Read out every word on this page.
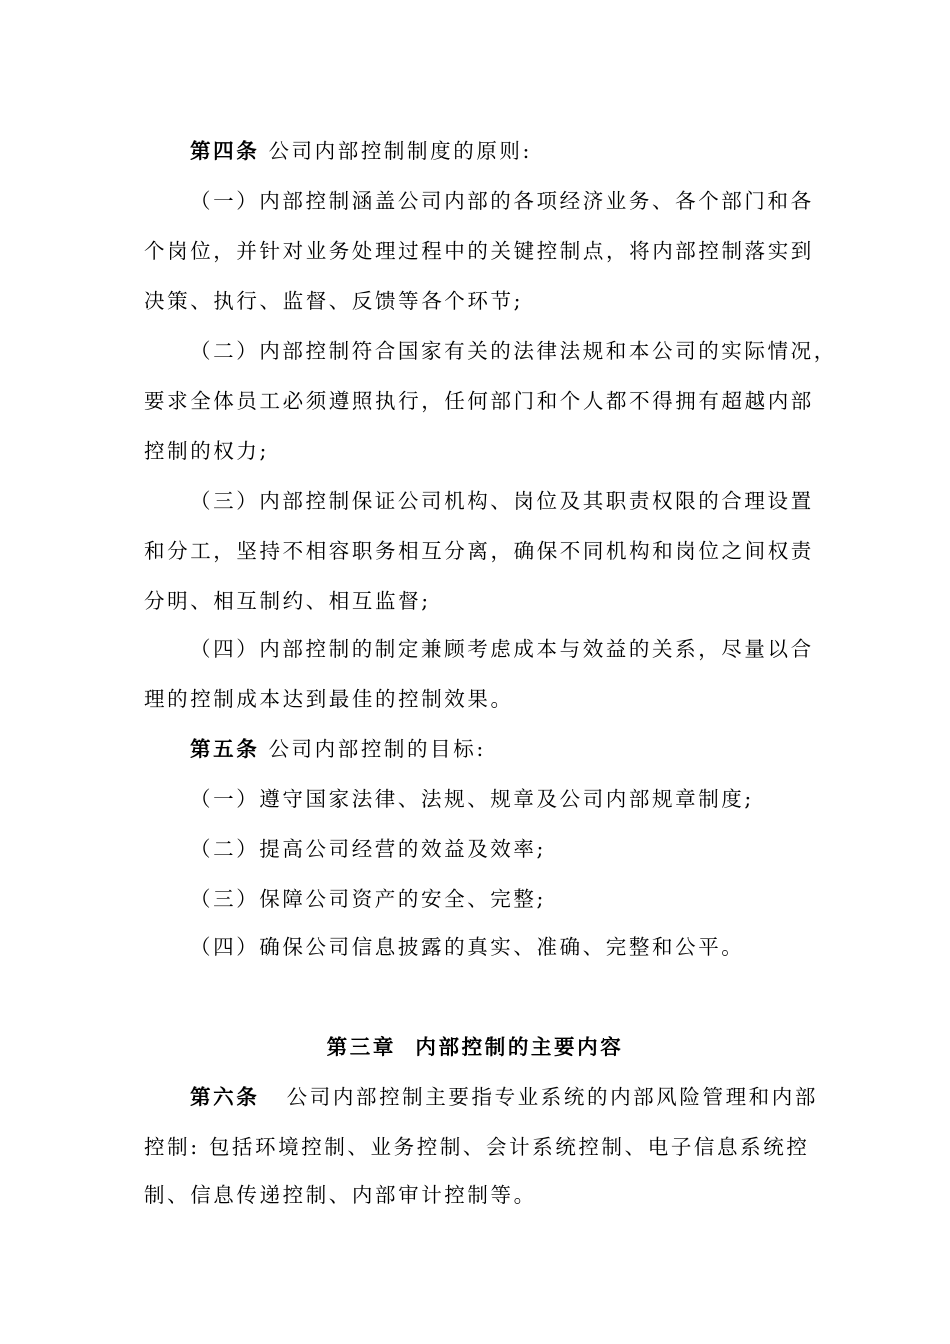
第四条 公司内部控制制度的原则:
（一）内部控制涵盖公司内部的各项经济业务、各个部门和各
个岗位，并针对业务处理过程中的关键控制点，将内部控制落实到
决策、执行、监督、反馈等各个环节;
（二）内部控制符合国家有关的法律法规和本公司的实际情况，
要求全体员工必须遵照执行，任何部门和个人都不得拥有超越内部
控制的权力;
（三）内部控制保证公司机构、岗位及其职责权限的合理设置
和分工，坚持不相容职务相互分离，确保不同机构和岗位之间权责
分明、相互制约、相互监督;
（四）内部控制的制定兼顾考虑成本与效益的关系，尽量以合
理的控制成本达到最佳的控制效果。
第五条 公司内部控制的目标:
（一）遵守国家法律、法规、规章及公司内部规章制度;
（二）提高公司经营的效益及效率;
（三）保障公司资产的安全、完整;
（四）确保公司信息披露的真实、准确、完整和公平。
第三章  内部控制的主要内容
第六条 公司内部控制主要指专业系统的内部风险管理和内部
控制: 包括环境控制、业务控制、会计系统控制、电子信息系统控
制、信息传递控制、内部审计控制等。
